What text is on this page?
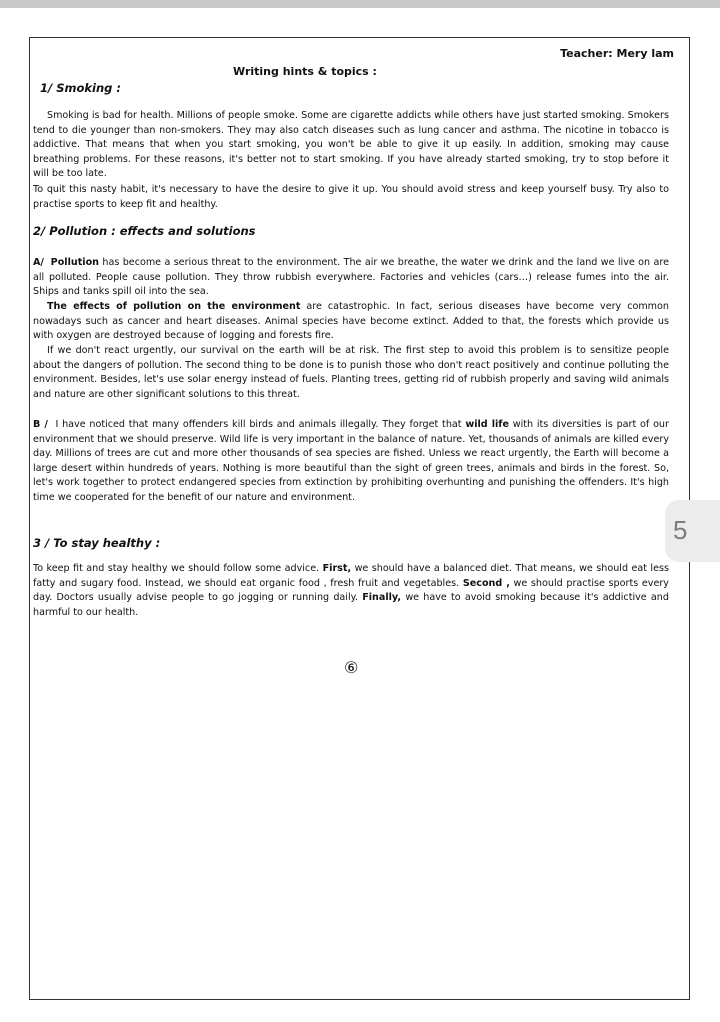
Teacher: Mery lam
Writing hints & topics :
1/ Smoking :

Smoking is bad for health. Millions of people smoke. Some are cigarette addicts while others have just started smoking. Smokers tend to die younger than non-smokers. They may also catch diseases such as lung cancer and asthma. The nicotine in tobacco is addictive. That means that when you start smoking, you won't be able to give it up easily. In addition, smoking may cause breathing problems. For these reasons, it's better not to start smoking. If you have already started smoking, try to stop before it will be too late.

To quit this nasty habit, it's necessary to have the desire to give it up. You should avoid stress and keep yourself busy. Try also to practise sports to keep fit and healthy.

2/ Pollution : effects and solutions

A/ Pollution has become a serious threat to the environment. The air we breathe, the water we drink and the land we live on are all polluted. People cause pollution. They throw rubbish everywhere. Factories and vehicles (cars…) release fumes into the air. Ships and tanks spill oil into the sea.

The effects of pollution on the environment are catastrophic. In fact, serious diseases have become very common nowadays such as cancer and heart diseases. Animal species have become extinct. Added to that, the forests which provide us with oxygen are destroyed because of logging and forests fire.

If we don't react urgently, our survival on the earth will be at risk. The first step to avoid this problem is to sensitize people about the dangers of pollution. The second thing to be done is to punish those who don't react positively and continue polluting the environment. Besides, let's use solar energy instead of fuels. Planting trees, getting rid of rubbish properly and saving wild animals and nature are other significant solutions to this threat.

B / I have noticed that many offenders kill birds and animals illegally. They forget that wild life with its diversities is part of our environment that we should preserve. Wild life is very important in the balance of nature. Yet, thousands of animals are killed every day. Millions of trees are cut and more other thousands of sea species are fished. Unless we react urgently, the Earth will become a large desert within hundreds of years. Nothing is more beautiful than the sight of green trees, animals and birds in the forest. So, let's work together to protect endangered species from extinction by prohibiting overhunting and punishing the offenders. It's high time we cooperated for the benefit of our nature and environment.

3 / To stay healthy :

To keep fit and stay healthy we should follow some advice. First, we should have a balanced diet. That means, we should eat less fatty and sugary food. Instead, we should eat organic food , fresh fruit and vegetables. Second , we should practise sports every day. Doctors usually advise people to go jogging or running daily. Finally, we have to avoid smoking because it's addictive and harmful to our health.

⑥
5
